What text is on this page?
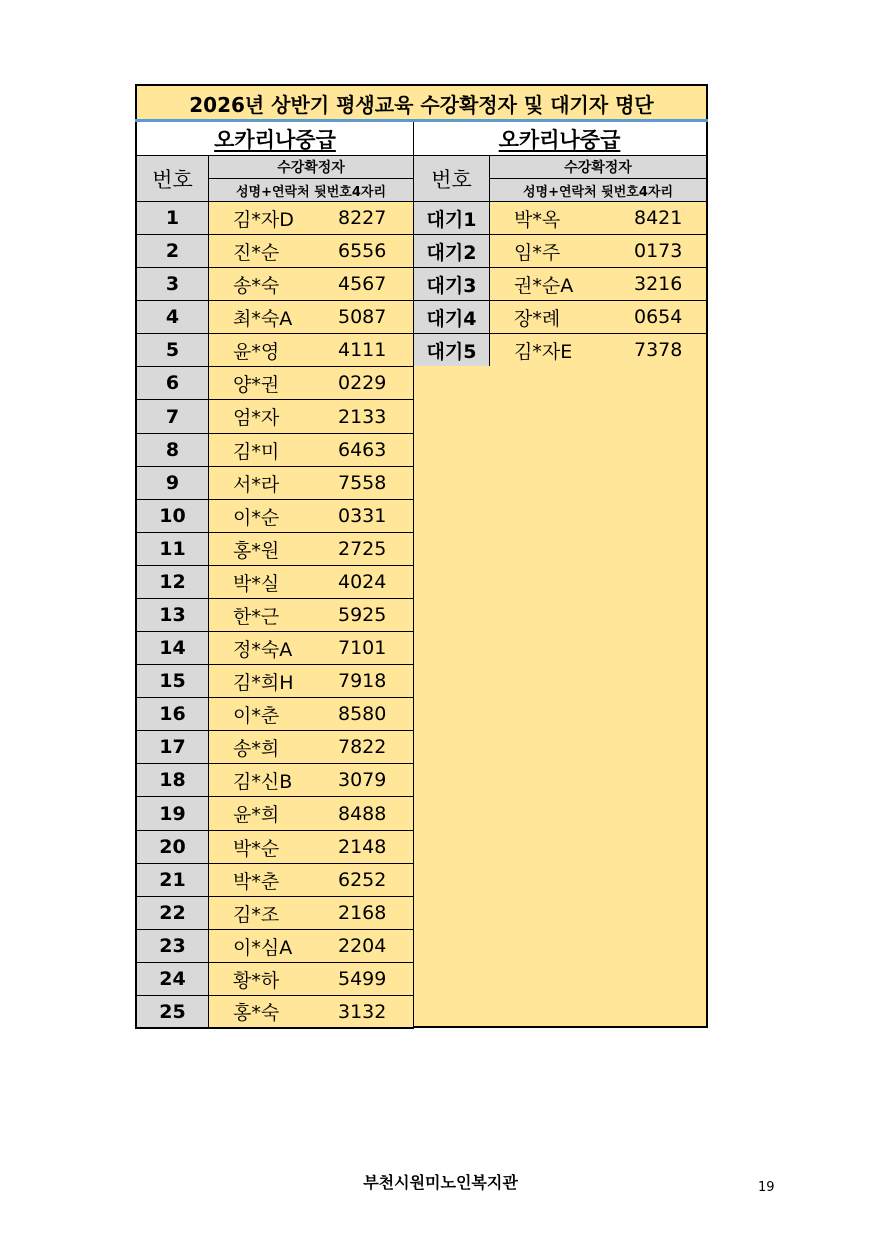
2026년 상반기 평생교육 수강확정자 및 대기자 명단
오카리나중급	오카리나중급
번호	수강확정자
성명+연락처 뒷번호4자리
번호	수강확정자
성명+연락처 뒷번호4자리
1	김*자D 8227
2	진*순	6556
3	송*숙	4567
4	최*숙A 5087
5	윤*영	4111
6	양*권	0229
7	엄*자	2133
8	김*미	6463
9	서*라	7558
10	이*순	0331
11	홍*원	2725
12	박*실	4024
13	한*근	5925
14	정*숙A 7101
15	김*희H 7918
16	이*춘	8580
17	송*희	7822
18	김*신B 3079
19	윤*희	8488
20	박*순	2148
21	박*춘	6252
22	김*조	2168
23	이*심A 2204
24	황*하	5499
25	홍*숙	3132
대기1	박*옥	8421
대기2	임*주	0173
대기3	권*순A	3216
대기4	장*례	0654
대기5	김*자E	7378
부천시원미노인복지관	19
